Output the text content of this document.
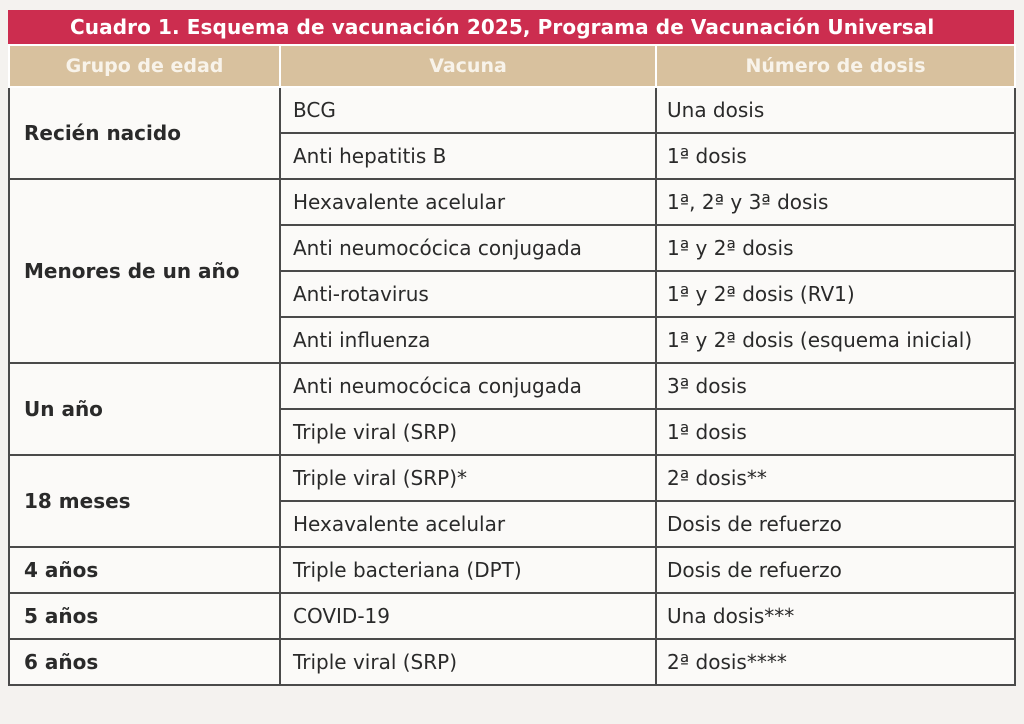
Cuadro 1. Esquema de vacunación 2025, Programa de Vacunación Universal
Grupo de edad	Vacuna	Número de dosis
Recién nacido	BCG	Una dosis
	Anti hepatitis B	1ª dosis
Menores de un año	Hexavalente acelular	1ª, 2ª y 3ª dosis
	Anti neumocócica conjugada	1ª y 2ª dosis
	Anti-rotavirus	1ª y 2ª dosis (RV1)
	Anti influenza	1ª y 2ª dosis (esquema inicial)
Un año	Anti neumocócica conjugada	3ª dosis
	Triple viral (SRP)	1ª dosis
18 meses	Triple viral (SRP)*	2ª dosis**
	Hexavalente acelular	Dosis de refuerzo
4 años	Triple bacteriana (DPT)	Dosis de refuerzo
5 años	COVID-19	Una dosis***
6 años	Triple viral (SRP)	2ª dosis****
